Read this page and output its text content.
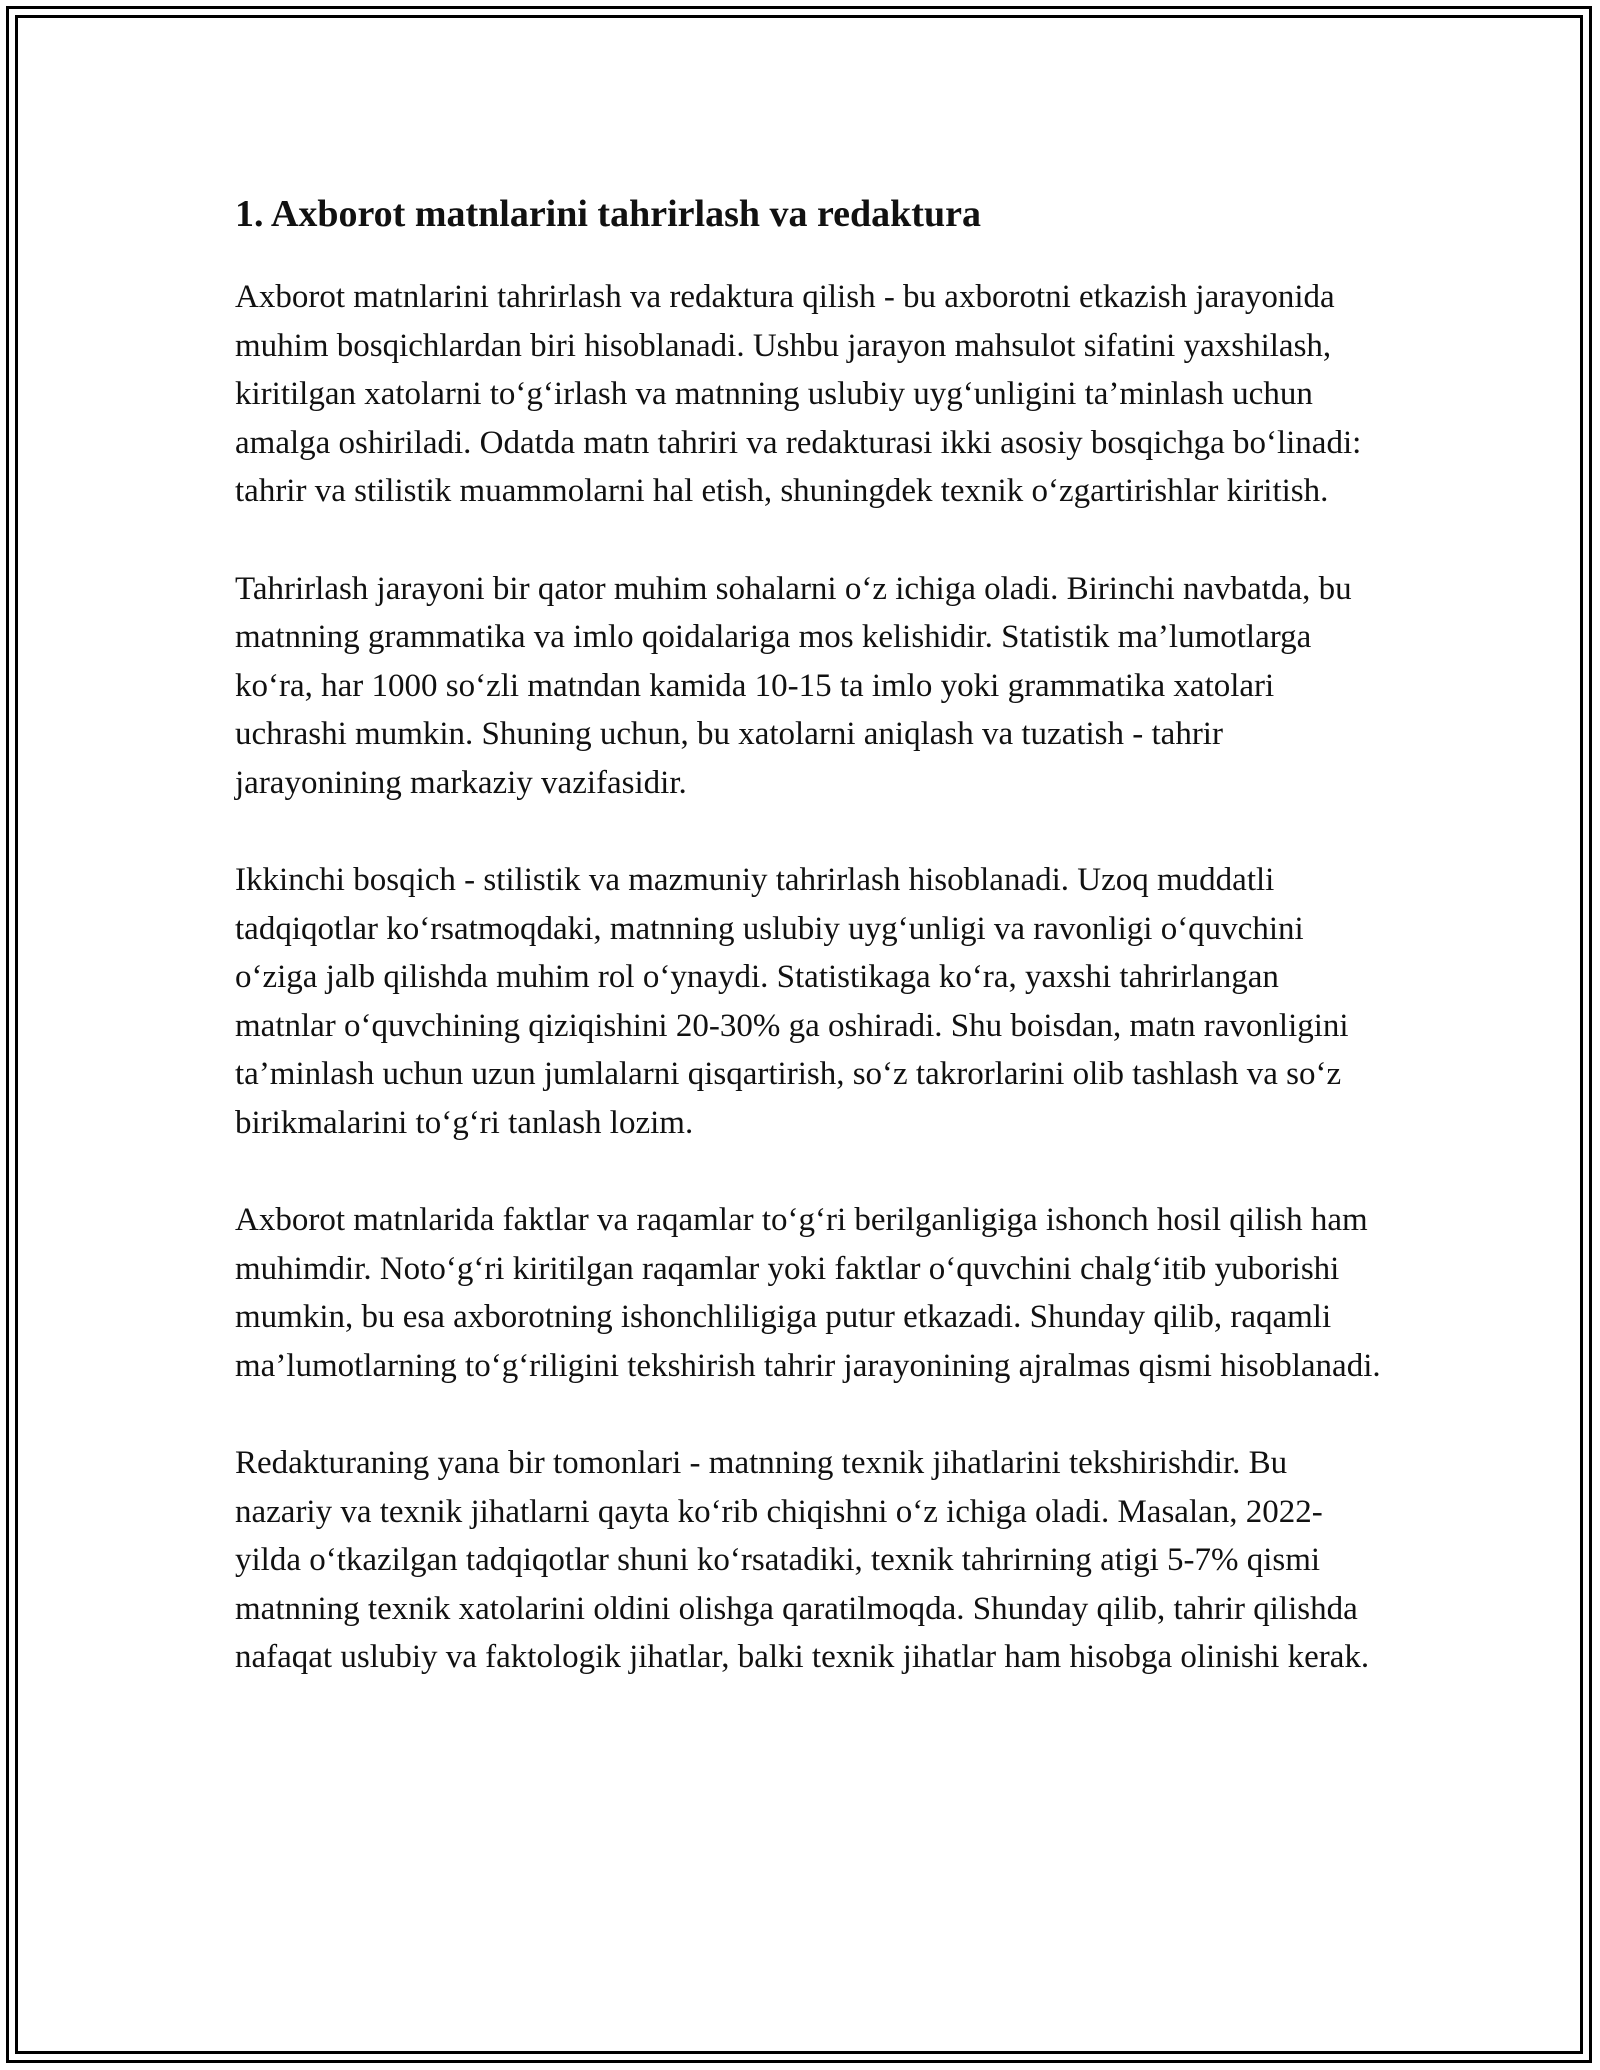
1. Axborot matnlarini tahrirlash va redaktura

Axborot matnlarini tahrirlash va redaktura qilish - bu axborotni etkazish jarayonida muhim bosqichlardan biri hisoblanadi. Ushbu jarayon mahsulot sifatini yaxshilash, kiritilgan xatolarni to‘g‘irlash va matnning uslubiy uyg‘unligini ta’minlash uchun amalga oshiriladi. Odatda matn tahriri va redakturasi ikki asosiy bosqichga bo‘linadi: tahrir va stilistik muammolarni hal etish, shuningdek texnik o‘zgartirishlar kiritish.

Tahrirlash jarayoni bir qator muhim sohalarni o‘z ichiga oladi. Birinchi navbatda, bu matnning grammatika va imlo qoidalariga mos kelishidir. Statistik ma’lumotlarga ko‘ra, har 1000 so‘zli matndan kamida 10-15 ta imlo yoki grammatika xatolari uchrashi mumkin. Shuning uchun, bu xatolarni aniqlash va tuzatish - tahrir jarayonining markaziy vazifasidir.

Ikkinchi bosqich - stilistik va mazmuniy tahrirlash hisoblanadi. Uzoq muddatli tadqiqotlar ko‘rsatmoqdaki, matnning uslubiy uyg‘unligi va ravonligi o‘quvchini o‘ziga jalb qilishda muhim rol o‘ynaydi. Statistikaga ko‘ra, yaxshi tahrirlangan matnlar o‘quvchining qiziqishini 20-30% ga oshiradi. Shu boisdan, matn ravonligini ta’minlash uchun uzun jumlalarni qisqartirish, so‘z takrorlarini olib tashlash va so‘z birikmalarini to‘g‘ri tanlash lozim.

Axborot matnlarida faktlar va raqamlar to‘g‘ri berilganligiga ishonch hosil qilish ham muhimdir. Noto‘g‘ri kiritilgan raqamlar yoki faktlar o‘quvchini chalg‘itib yuborishi mumkin, bu esa axborotning ishonchliligiga putur etkazadi. Shunday qilib, raqamli ma’lumotlarning to‘g‘riligini tekshirish tahrir jarayonining ajralmas qismi hisoblanadi.

Redakturaning yana bir tomonlari - matnning texnik jihatlarini tekshirishdir. Bu nazariy va texnik jihatlarni qayta ko‘rib chiqishni o‘z ichiga oladi. Masalan, 2022-yilda o‘tkazilgan tadqiqotlar shuni ko‘rsatadiki, texnik tahrirning atigi 5-7% qismi matnning texnik xatolarini oldini olishga qaratilmoqda. Shunday qilib, tahrir qilishda nafaqat uslubiy va faktologik jihatlar, balki texnik jihatlar ham hisobga olinishi kerak.
